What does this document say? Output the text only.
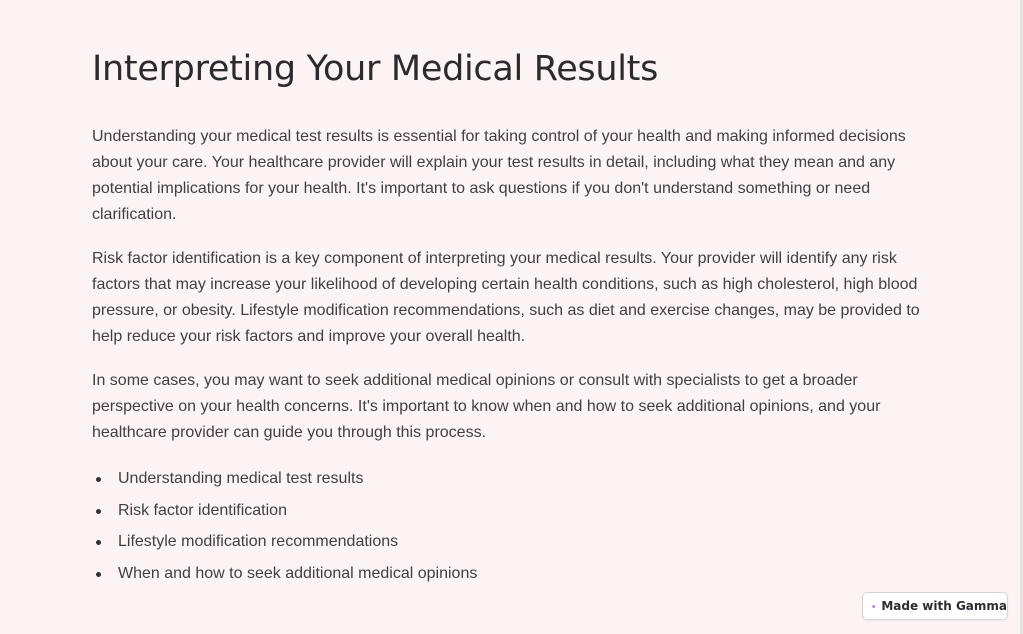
Interpreting Your Medical Results

Understanding your medical test results is essential for taking control of your health and making informed decisions about your care. Your healthcare provider will explain your test results in detail, including what they mean and any potential implications for your health. It's important to ask questions if you don't understand something or need clarification.

Risk factor identification is a key component of interpreting your medical results. Your provider will identify any risk factors that may increase your likelihood of developing certain health conditions, such as high cholesterol, high blood pressure, or obesity. Lifestyle modification recommendations, such as diet and exercise changes, may be provided to help reduce your risk factors and improve your overall health.

In some cases, you may want to seek additional medical opinions or consult with specialists to get a broader perspective on your health concerns. It's important to know when and how to seek additional opinions, and your healthcare provider can guide you through this process.

Understanding medical test results
Risk factor identification
Lifestyle modification recommendations
When and how to seek additional medical opinions
Made with Gamma
